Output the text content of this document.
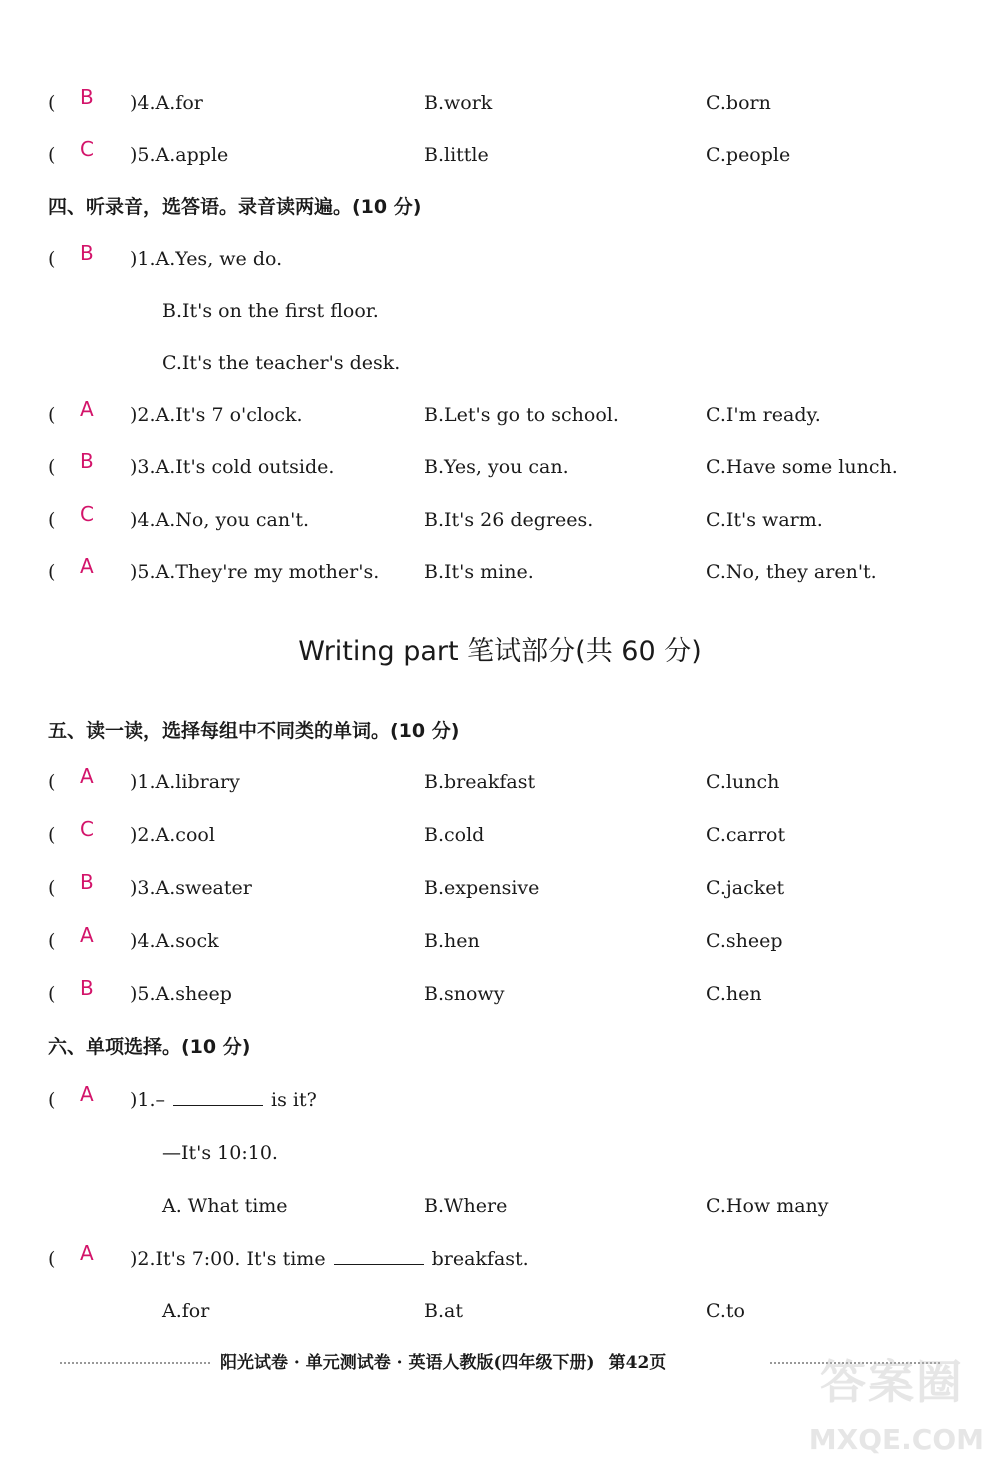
( B )4.A.for	B.work	C.born
( C )5.A.apple	B.little	C.people
四、听录音，选答语。录音读两遍。(10 分)
( B )1.A.Yes, we do.
B.It's on the first floor.
C.It's the teacher's desk.
( A )2.A.It's 7 o'clock.	B.Let's go to school.	C.I'm ready.
( B )3.A.It's cold outside.	B.Yes, you can.	C.Have some lunch.
( C )4.A.No, you can't.	B.It's 26 degrees.	C.It's warm.
( A )5.A.They're my mother's. B.It's mine.	C.No, they aren't.
Writing part 笔试部分(共 60 分)
五、读一读，选择每组中不同类的单词。(10 分)
( A )1.A.library	B.breakfast	C.lunch
( C )2.A.cool	B.cold	C.carrot
( B )3.A.sweater	B.expensive	C.jacket
( A )4.A.sock	B.hen	C.sheep
( B )5.A.sheep	B.snowy	C.hen
六、单项选择。(10 分)
( A )1.–	is it?
—It's 10:10.
A. What time	B.Where	C.How many
( A )2.It's 7:00. It's time	breakfast.
A.for	B.at	C.to
阳光试卷 · 单元测试卷 · 英语人教版(四年级下册) 第42页	答案圈
MXQE.COM
